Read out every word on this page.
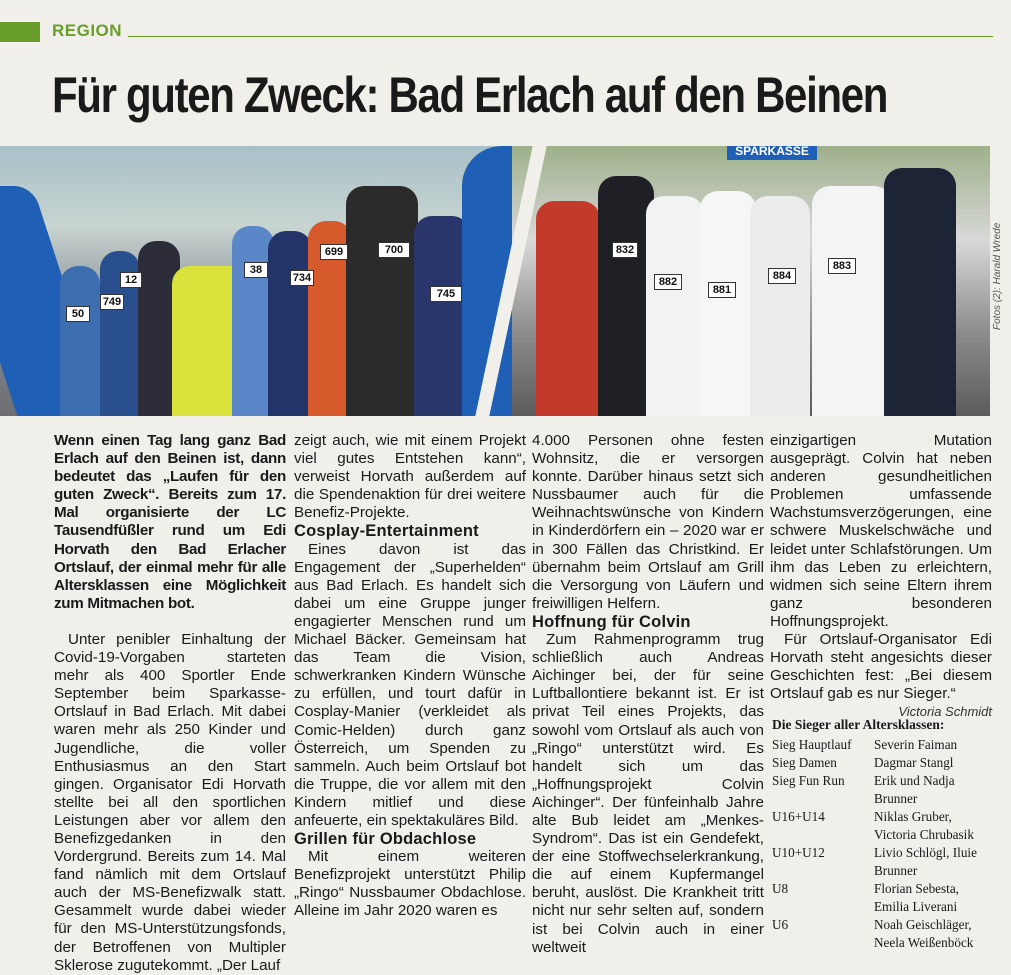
REGION
Für guten Zweck: Bad Erlach auf den Beinen
700
699
745
734
749
38
50
12
SPARKASSE
832
882
881
884
883	Fotos (2): Harald Wrede

Wenn einen Tag lang ganz Bad Erlach auf den Beinen ist, dann bedeutet das „Laufen für den guten Zweck“. Bereits zum 17. Mal organisierte der LC Tausendfüßler rund um Edi Horvath den Bad Erlacher Ortslauf, der einmal mehr für alle Altersklassen eine Möglichkeit zum Mitmachen bot.

Unter penibler Einhaltung der Covid-19-Vorgaben starteten mehr als 400 Sportler Ende September beim Sparkasse-Ortslauf in Bad Erlach. Mit dabei waren mehr als 250 Kinder und Jugendliche, die voller Enthusiasmus an den Start gingen. Organisator Edi Horvath stellte bei all den sportlichen Leistungen aber vor allem den Benefizgedanken in den Vordergrund. Bereits zum 14. Mal fand nämlich mit dem Ortslauf auch der MS-Benefizwalk statt. Gesammelt wurde dabei wieder für den MS-Unterstützungsfonds, der Betroffenen von Multipler Sklerose zugutekommt. „Der Lauf

zeigt auch, wie mit einem Projekt viel gutes Entstehen kann“, verweist Horvath außerdem auf die Spendenaktion für drei weitere Benefiz-Projekte.

Cosplay-Entertainment

Eines davon ist das Engagement der „Superhelden“ aus Bad Erlach. Es handelt sich dabei um eine Gruppe junger engagierter Menschen rund um Michael Bäcker. Gemeinsam hat das Team die Vision, schwerkranken Kindern Wünsche zu erfüllen, und tourt dafür in Cosplay-Manier (verkleidet als Comic-Helden) durch ganz Österreich, um Spenden zu sammeln. Auch beim Ortslauf bot die Truppe, die vor allem mit den Kindern mitlief und diese anfeuerte, ein spektakuläres Bild.

Grillen für Obdachlose

Mit einem weiteren Benefizprojekt unterstützt Philip „Ringo“ Nussbaumer Obdachlose. Alleine im Jahr 2020 waren es

4.000 Personen ohne festen Wohnsitz, die er versorgen konnte. Darüber hinaus setzt sich Nussbaumer auch für die Weihnachtswünsche von Kindern in Kinderdörfern ein – 2020 war er in 300 Fällen das Christkind. Er übernahm beim Ortslauf am Grill die Versorgung von Läufern und freiwilligen Helfern.

Hoffnung für Colvin

Zum Rahmenprogramm trug schließlich auch Andreas Aichinger bei, der für seine Luftballontiere bekannt ist. Er ist privat Teil eines Projekts, das sowohl vom Ortslauf als auch von „Ringo“ unterstützt wird. Es handelt sich um das „Hoffnungsprojekt Colvin Aichinger“. Der fünfeinhalb Jahre alte Bub leidet am „Menkes-Syndrom“. Das ist ein Gendefekt, der eine Stoffwechselerkrankung, die auf einem Kupfermangel beruht, auslöst. Die Krankheit tritt nicht nur sehr selten auf, sondern ist bei Colvin auch in einer weltweit

einzigartigen Mutation ausgeprägt. Colvin hat neben anderen gesundheitlichen Problemen umfassende Wachstumsverzögerungen, eine schwere Muskelschwäche und leidet unter Schlafstörungen. Um ihm das Leben zu erleichtern, widmen sich seine Eltern ihrem ganz besonderen Hoffnungsprojekt.

Für Ortslauf-Organisator Edi Horvath steht angesichts dieser Geschichten fest: „Bei diesem Ortslauf gab es nur Sieger.“

Victoria Schmidt

Die Sieger aller Altersklassen:
Sieg Hauptlauf	Severin Faiman
Sieg Damen	Dagmar Stangl
Sieg Fun Run	Erik und Nadja Brunner
U16+U14	Niklas Gruber, Victoria Chrubasik
U10+U12	Livio Schlögl, Iluie Brunner
U8	Florian Sebesta, Emilia Liverani
U6	Noah Geischläger, Neela Weißenböck
